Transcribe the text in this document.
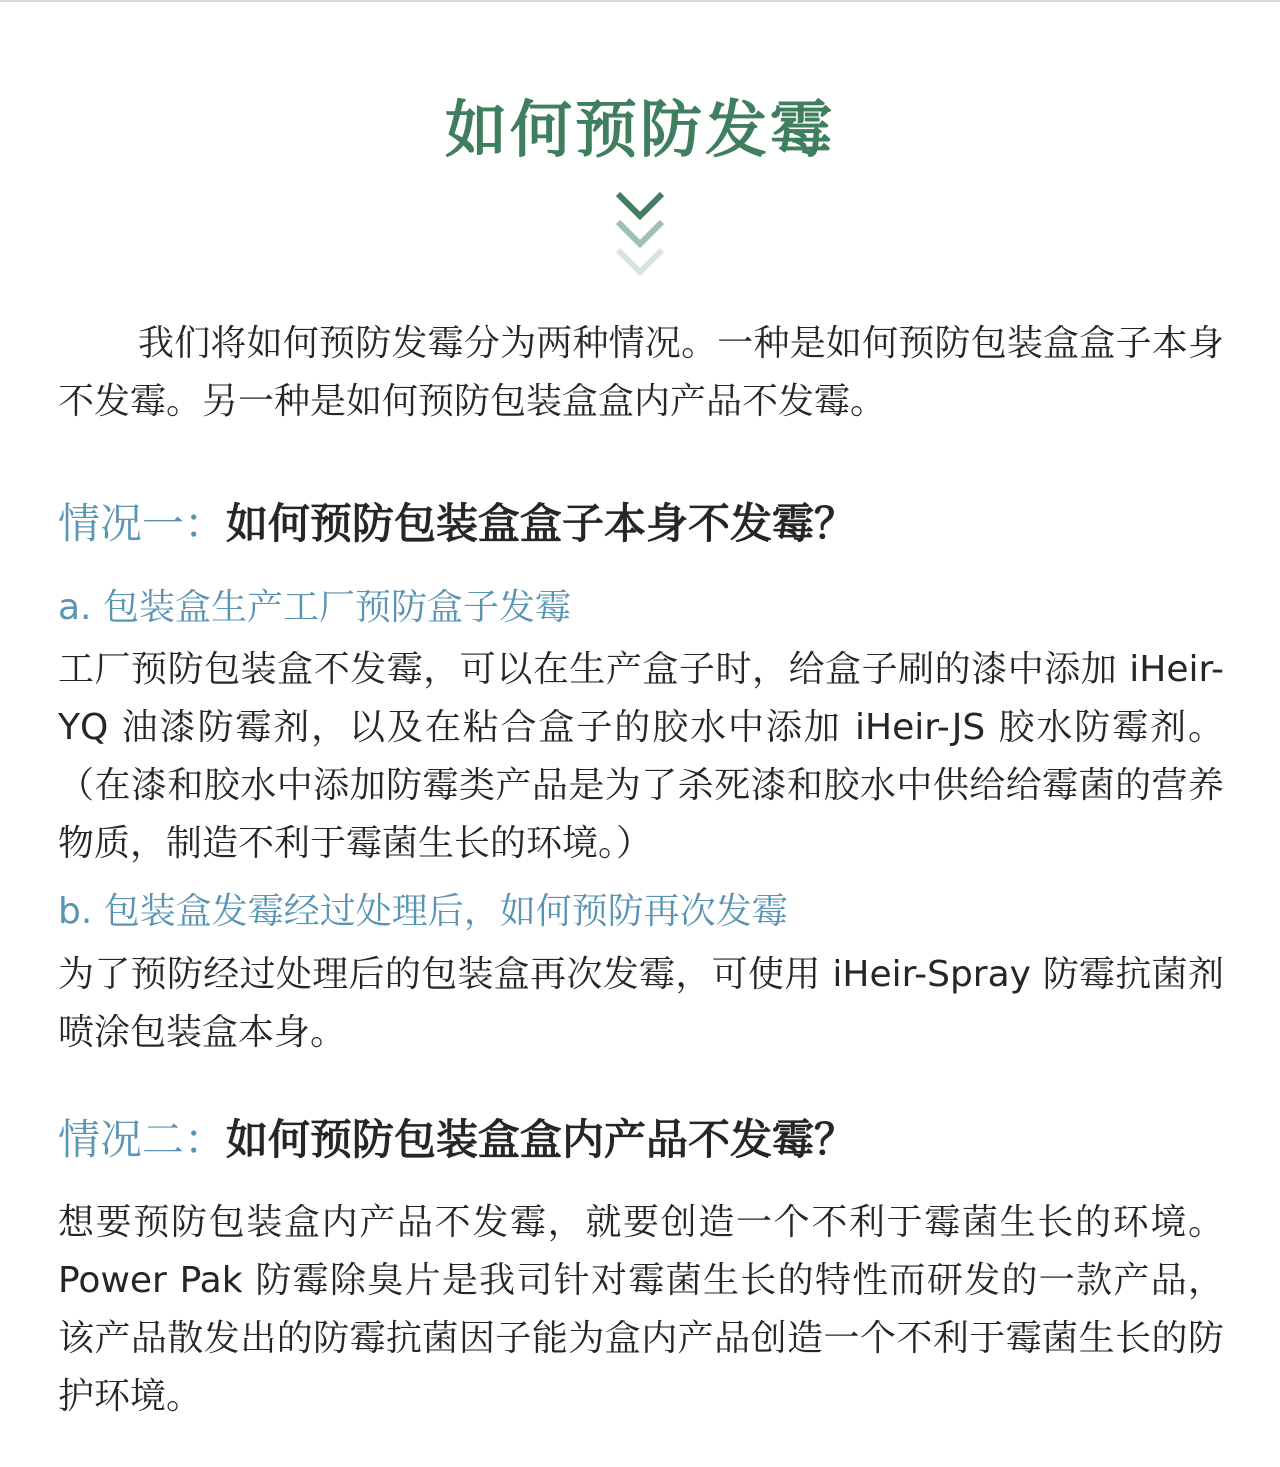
如何预防发霉

我们将如何预防发霉分为两种情况。一种是如何预防包装盒盒子本身不发霉。另一种是如何预防包装盒盒内产品不发霉。

情况一：如何预防包装盒盒子本身不发霉？

a. 包装盒生产工厂预防盒子发霉

工厂预防包装盒不发霉，可以在生产盒子时，给盒子刷的漆中添加 iHeir-YQ 油漆防霉剂，以及在粘合盒子的胶水中添加 iHeir-JS 胶水防霉剂。（在漆和胶水中添加防霉类产品是为了杀死漆和胶水中供给给霉菌的营养物质，制造不利于霉菌生长的环境。）

b. 包装盒发霉经过处理后，如何预防再次发霉

为了预防经过处理后的包装盒再次发霉，可使用 iHeir-Spray 防霉抗菌剂喷涂包装盒本身。

情况二：如何预防包装盒盒内产品不发霉？

想要预防包装盒内产品不发霉，就要创造一个不利于霉菌生长的环境。Power Pak 防霉除臭片是我司针对霉菌生长的特性而研发的一款产品，该产品散发出的防霉抗菌因子能为盒内产品创造一个不利于霉菌生长的防护环境。
